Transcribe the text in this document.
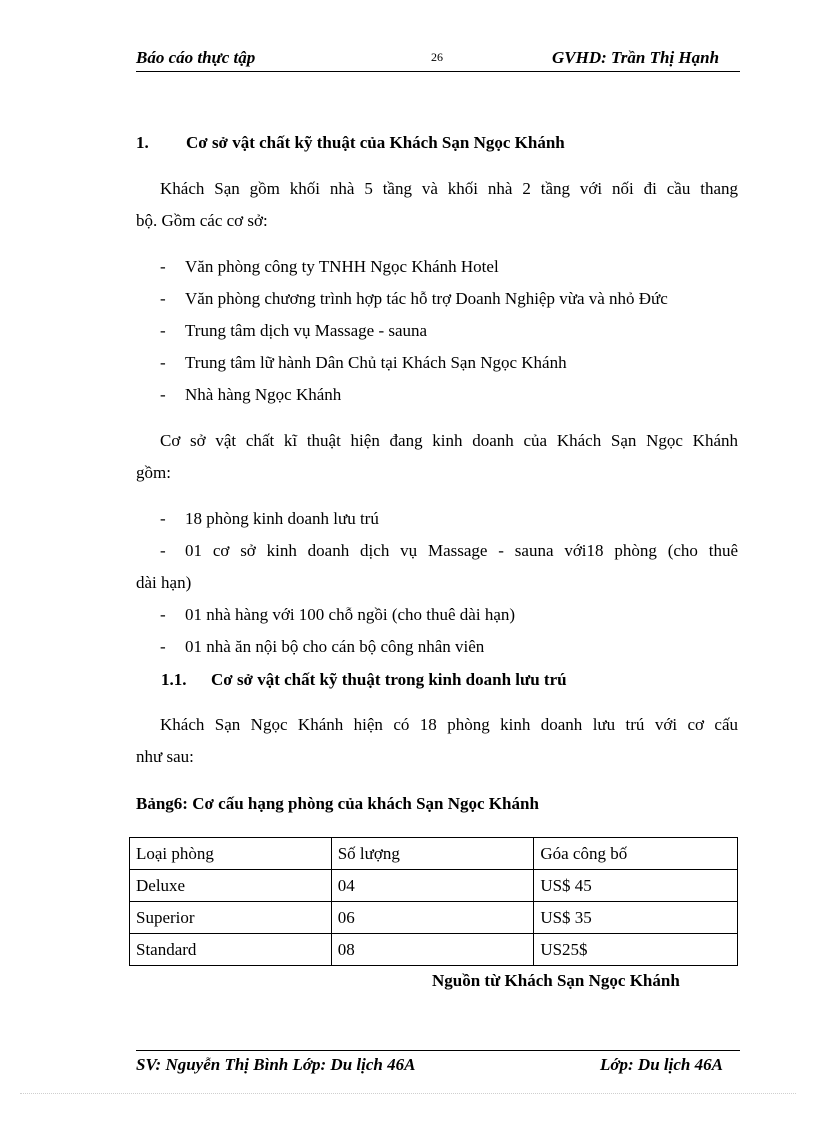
Báo cáo thực tập	26	GVHD: Trần Thị Hạnh
1. Cơ sở vật chất kỹ thuật của Khách Sạn Ngọc Khánh
Khách Sạn gồm khối nhà 5 tầng và khối nhà 2 tầng với nối đi cầu thang
bộ. Gồm các cơ sở:
- Văn phòng công ty TNHH Ngọc Khánh Hotel
- Văn phòng chương trình hợp tác hỗ trợ Doanh Nghiệp vừa và nhỏ Đức
- Trung tâm dịch vụ Massage - sauna
- Trung tâm lữ hành Dân Chủ tại Khách Sạn Ngọc Khánh
- Nhà hàng Ngọc Khánh
Cơ sở vật chất kĩ thuật hiện đang kinh doanh của Khách Sạn Ngọc Khánh
gồm:
- 18 phòng kinh doanh lưu trú
- 01 cơ sở kinh doanh dịch vụ Massage - sauna với18 phòng (cho thuê
dài hạn)
- 01 nhà hàng với 100 chỗ ngồi (cho thuê dài hạn)
- 01 nhà ăn nội bộ cho cán bộ công nhân viên
1.1. Cơ sở vật chất kỹ thuật trong kinh doanh lưu trú
Khách Sạn Ngọc Khánh hiện có 18 phòng kinh doanh lưu trú với cơ cấu
như sau:
Bảng6: Cơ cấu hạng phòng của khách Sạn Ngọc Khánh
Loại phòng	Số lượng	Góa công bố
Deluxe	04	US$ 45
Superior	06	US$ 35
Standard	08	US25$
Nguồn từ Khách Sạn Ngọc Khánh
SV: Nguyễn Thị Bình Lớp: Du lịch 46A	Lớp: Du lịch 46A
